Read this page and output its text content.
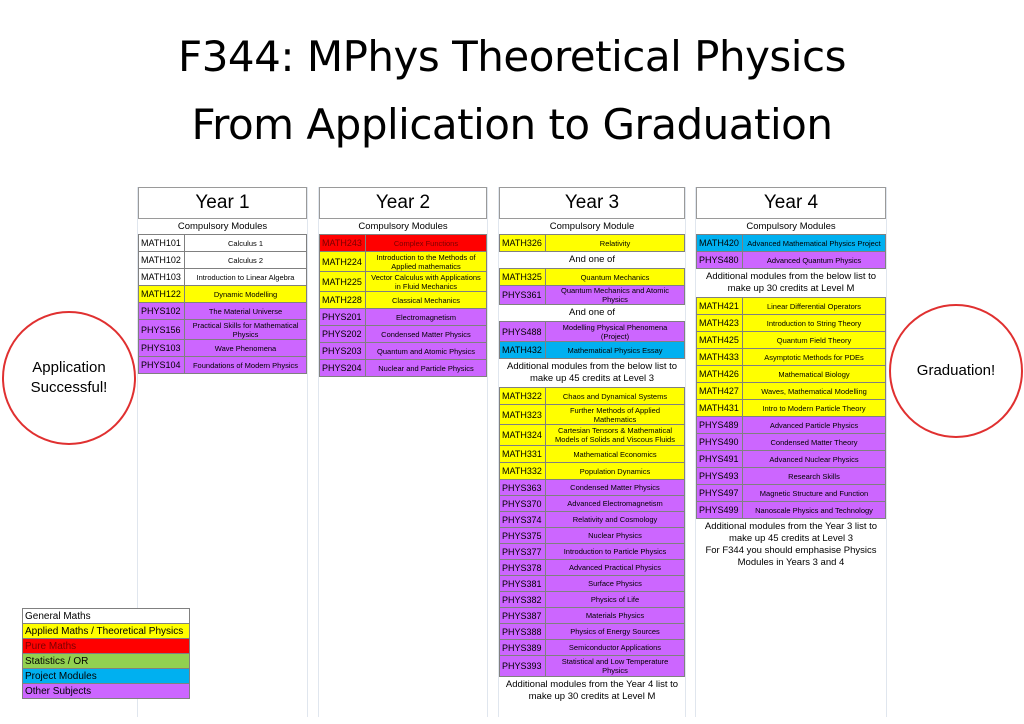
F344: MPhys Theoretical Physics
From Application to Graduation
Application Successful!
Graduation!
Year 1
Compulsory Modules
MATH101	Calculus 1
MATH102	Calculus 2
MATH103	Introduction to Linear Algebra
MATH122	Dynamic Modelling
PHYS102	The Material Universe
PHYS156	Practical Skills for Mathematical Physics
PHYS103	Wave Phenomena
PHYS104	Foundations of Modern Physics
Year 2
Compulsory Modules
MATH243	Complex Functions
MATH224	Introduction to the Methods of Applied mathematics
MATH225	Vector Calculus with Applications in Fluid Mechanics
MATH228	Classical Mechanics
PHYS201	Electromagnetism
PHYS202	Condensed Matter Physics
PHYS203	Quantum and Atomic Physics
PHYS204	Nuclear and Particle Physics
Year 3
Compulsory Module
MATH326	Relativity
And one of
MATH325	Quantum Mechanics
PHYS361	Quantum Mechanics and Atomic Physics
And one of
PHYS488	Modelling Physical Phenomena (Project)
MATH432	Mathematical Physics Essay
Additional modules from the below list to make up 45 credits at Level 3
MATH322	Chaos and Dynamical Systems
MATH323	Further Methods of Applied Mathematics
MATH324	Cartesian Tensors & Mathematical Models of Solids and Viscous Fluids
MATH331	Mathematical Economics
MATH332	Population Dynamics
PHYS363	Condensed Matter Physics
PHYS370	Advanced Electromagnetism
PHYS374	Relativity and Cosmology
PHYS375	Nuclear Physics
PHYS377	Introduction to Particle Physics
PHYS378	Advanced Practical Physics
PHYS381	Surface Physics
PHYS382	Physics of Life
PHYS387	Materials Physics
PHYS388	Physics of Energy Sources
PHYS389	Semiconductor Applications
PHYS393	Statistical and Low Temperature Physics
Additional modules from the Year 4 list to make up 30 credits at Level M
Year 4
Compulsory Modules
MATH420	Advanced Mathematical Physics Project
PHYS480	Advanced Quantum Physics
Additional modules from the below list to make up 30 credits at Level M
MATH421	Linear Differential Operators
MATH423	Introduction to String Theory
MATH425	Quantum Field Theory
MATH433	Asymptotic Methods for PDEs
MATH426	Mathematical Biology
MATH427	Waves, Mathematical Modelling
MATH431	Intro to Modern Particle Theory
PHYS489	Advanced Particle Physics
PHYS490	Condensed Matter Theory
PHYS491	Advanced Nuclear Physics
PHYS493	Research Skills
PHYS497	Magnetic Structure and Function
PHYS499	Nanoscale Physics and Technology
Additional modules from the Year 3 list to make up 45 credits at Level 3
For F344 you should emphasise Physics Modules in Years 3 and 4
General Maths
Applied Maths / Theoretical Physics
Pure Maths
Statistics / OR
Project Modules
Other Subjects
